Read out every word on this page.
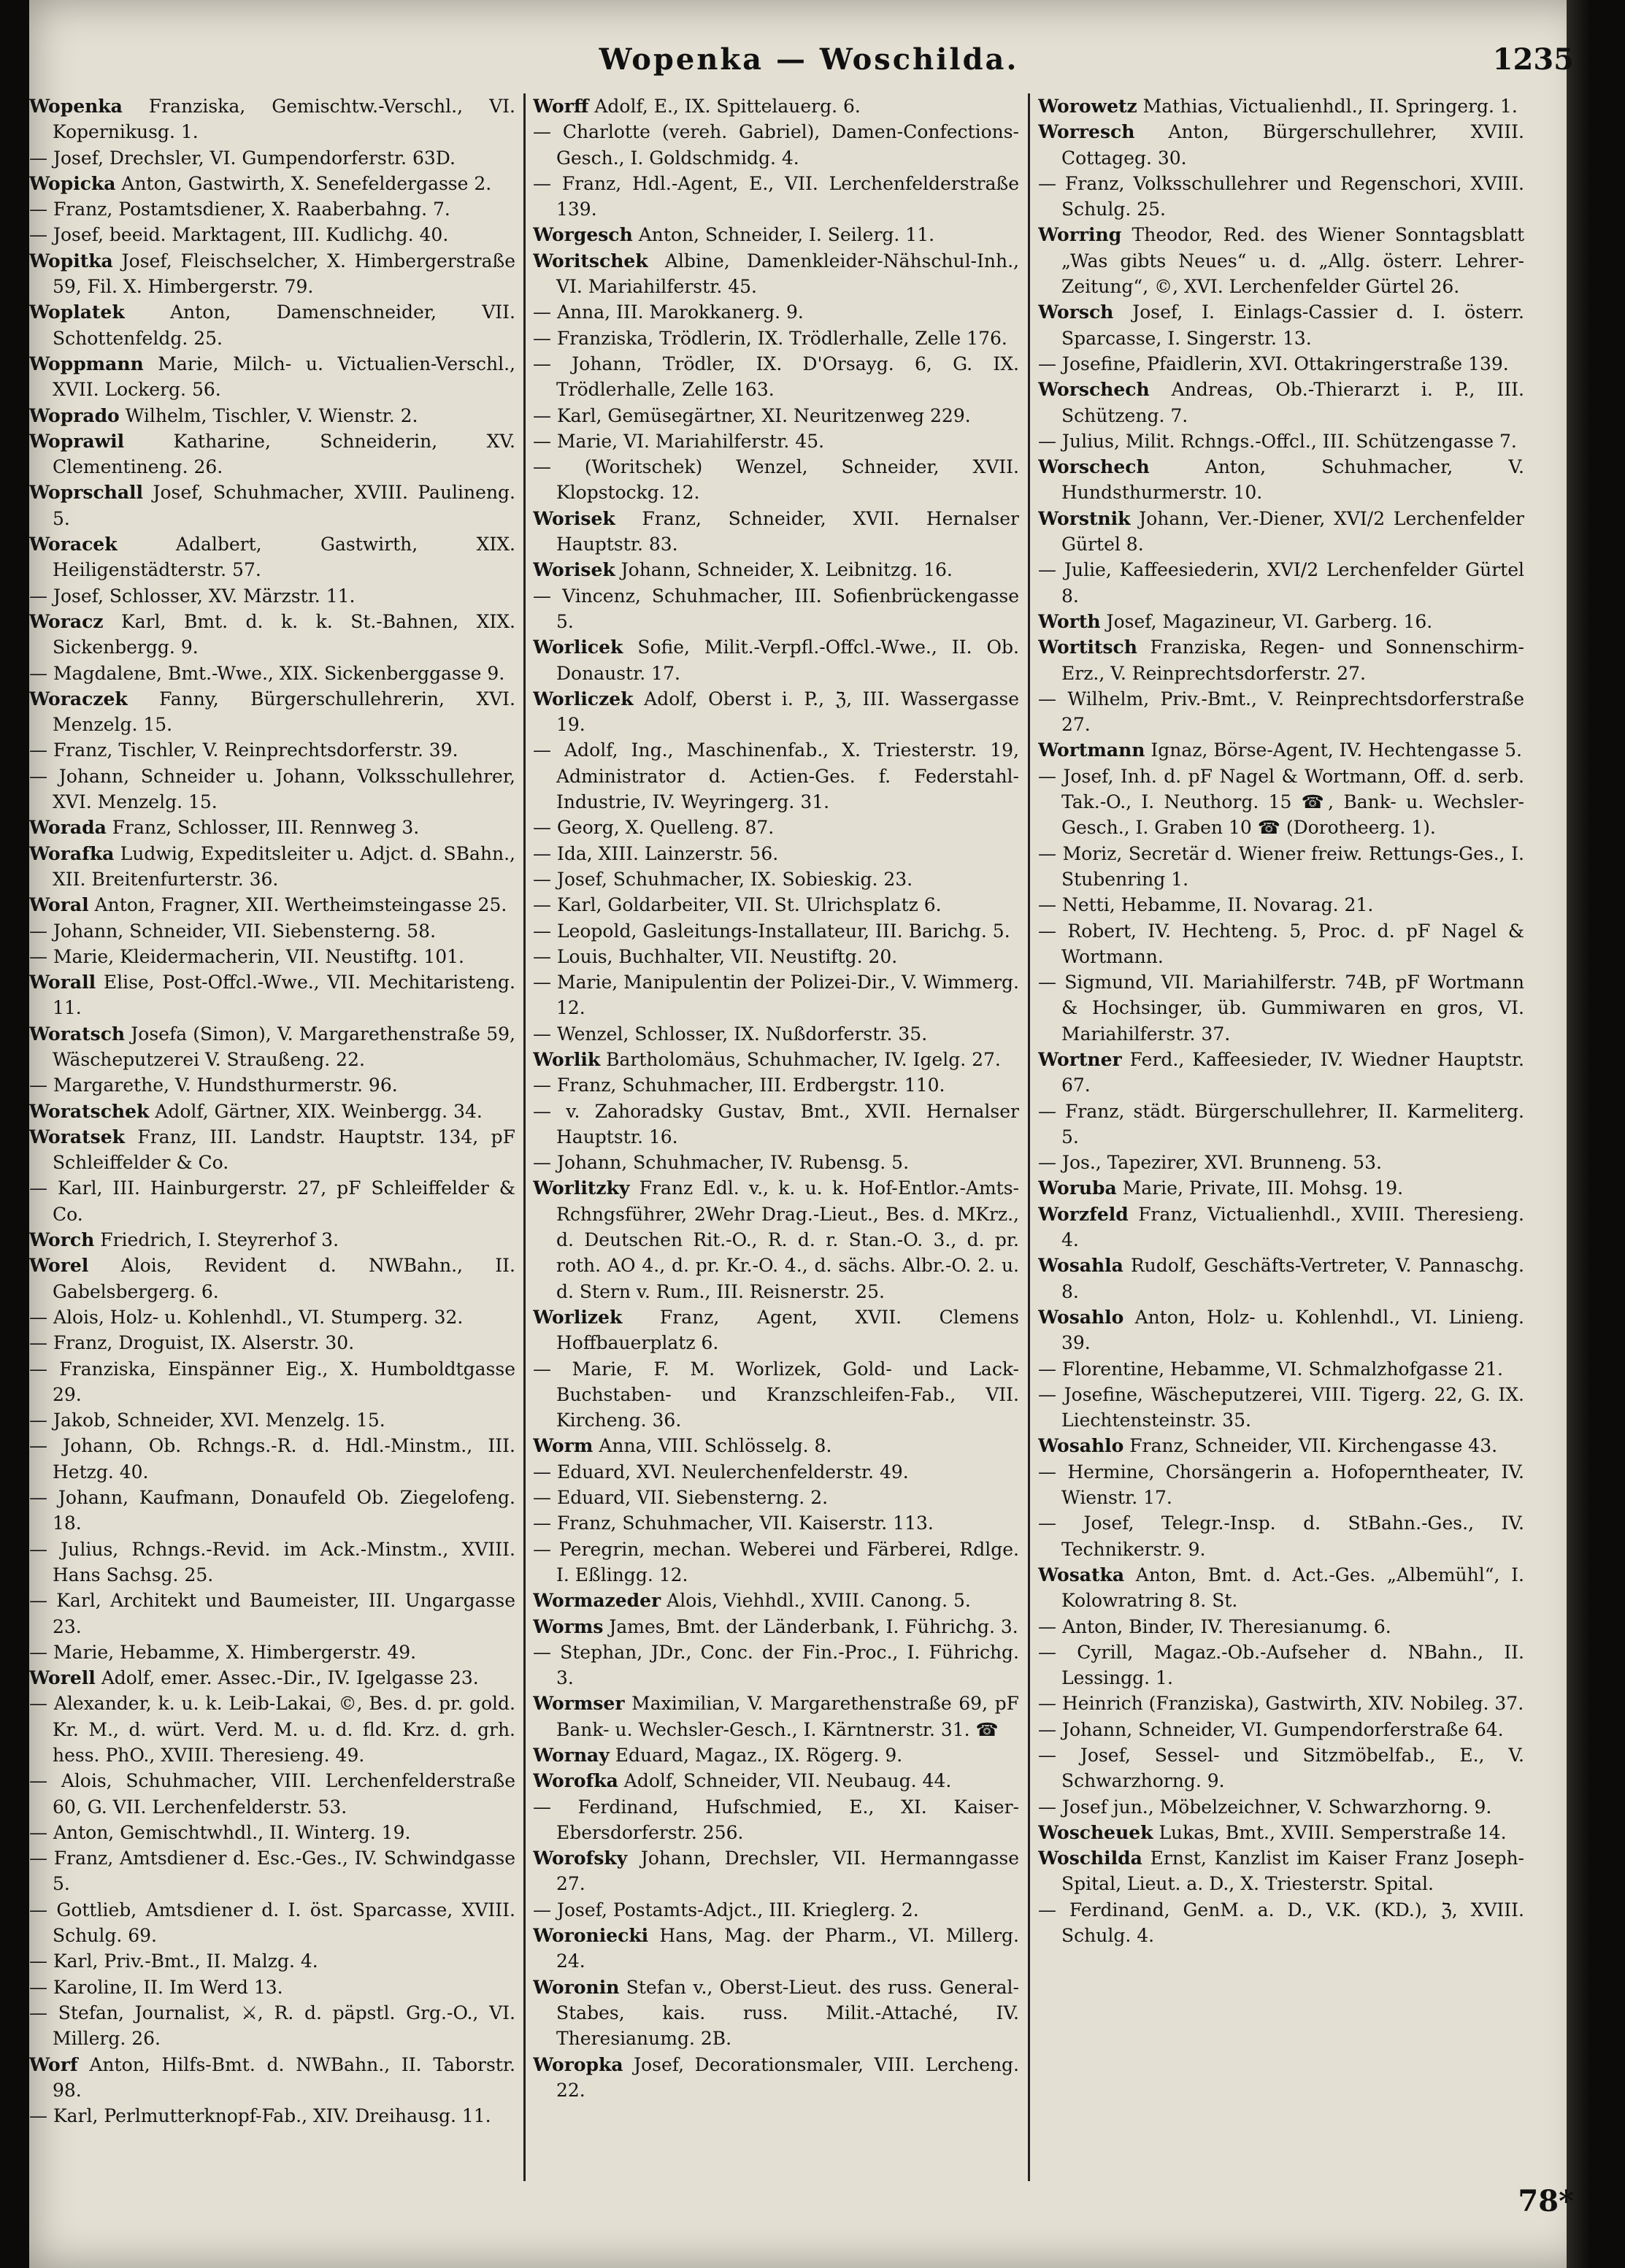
Wopenka — Woschilda.	1235

Wopenka Franziska, Gemischtw.-Verschl., VI. Kopernikusg. 1.

— Josef, Drechsler, VI. Gumpendorferstr. 63D.

Wopicka Anton, Gastwirth, X. Senefeldergasse 2.

— Franz, Postamtsdiener, X. Raaberbahng. 7.

— Josef, beeid. Marktagent, III. Kudlichg. 40.

Wopitka Josef, Fleischselcher, X. Himbergerstraße 59, Fil. X. Himbergerstr. 79.

Woplatek Anton, Damenschneider, VII. Schottenfeldg. 25.

Woppmann Marie, Milch- u. Victualien-Verschl., XVII. Lockerg. 56.

Woprado Wilhelm, Tischler, V. Wienstr. 2.

Woprawil Katharine, Schneiderin, XV. Clementineng. 26.

Woprschall Josef, Schuhmacher, XVIII. Paulineng. 5.

Woracek Adalbert, Gastwirth, XIX. Heiligenstädterstr. 57.

— Josef, Schlosser, XV. Märzstr. 11.

Woracz Karl, Bmt. d. k. k. St.-Bahnen, XIX. Sickenbergg. 9.

— Magdalene, Bmt.-Wwe., XIX. Sickenberggasse 9.

Woraczek Fanny, Bürgerschullehrerin, XVI. Menzelg. 15.

— Franz, Tischler, V. Reinprechtsdorferstr. 39.

— Johann, Schneider u. Johann, Volksschullehrer, XVI. Menzelg. 15.

Worada Franz, Schlosser, III. Rennweg 3.

Worafka Ludwig, Expeditsleiter u. Adjct. d. SBahn., XII. Breitenfurterstr. 36.

Woral Anton, Fragner, XII. Wertheimsteingasse 25.

— Johann, Schneider, VII. Siebensterng. 58.

— Marie, Kleidermacherin, VII. Neustiftg. 101.

Worall Elise, Post-Offcl.-Wwe., VII. Mechitaristeng. 11.

Woratsch Josefa (Simon), V. Margarethenstraße 59, Wäscheputzerei V. Straußeng. 22.

— Margarethe, V. Hundsthurmerstr. 96.

Woratschek Adolf, Gärtner, XIX. Weinbergg. 34.

Woratsek Franz, III. Landstr. Hauptstr. 134, pF Schleiffelder & Co.

— Karl, III. Hainburgerstr. 27, pF Schleiffelder & Co.

Worch Friedrich, I. Steyrerhof 3.

Worel Alois, Revident d. NWBahn., II. Gabelsbergerg. 6.

— Alois, Holz- u. Kohlenhdl., VI. Stumperg. 32.

— Franz, Droguist, IX. Alserstr. 30.

— Franziska, Einspänner Eig., X. Humboldtgasse 29.

— Jakob, Schneider, XVI. Menzelg. 15.

— Johann, Ob. Rchngs.-R. d. Hdl.-Minstm., III. Hetzg. 40.

— Johann, Kaufmann, Donaufeld Ob. Ziegelofeng. 18.

— Julius, Rchngs.-Revid. im Ack.-Minstm., XVIII. Hans Sachsg. 25.

— Karl, Architekt und Baumeister, III. Ungargasse 23.

— Marie, Hebamme, X. Himbergerstr. 49.

Worell Adolf, emer. Assec.-Dir., IV. Igelgasse 23.

— Alexander, k. u. k. Leib-Lakai, ©, Bes. d. pr. gold. Kr. M., d. würt. Verd. M. u. d. fld. Krz. d. grh. hess. PhO., XVIII. Theresieng. 49.

— Alois, Schuhmacher, VIII. Lerchenfelderstraße 60, G. VII. Lerchenfelderstr. 53.

— Anton, Gemischtwhdl., II. Winterg. 19.

— Franz, Amtsdiener d. Esc.-Ges., IV. Schwindgasse 5.

— Gottlieb, Amtsdiener d. I. öst. Sparcasse, XVIII. Schulg. 69.

— Karl, Priv.-Bmt., II. Malzg. 4.

— Karoline, II. Im Werd 13.

— Stefan, Journalist, ⚔, R. d. päpstl. Grg.-O., VI. Millerg. 26.

Worf Anton, Hilfs-Bmt. d. NWBahn., II. Taborstr. 98.

— Karl, Perlmutterknopf-Fab., XIV. Dreihausg. 11.

Worff Adolf, E., IX. Spittelauerg. 6.

— Charlotte (vereh. Gabriel), Damen-Confections-Gesch., I. Goldschmidg. 4.

— Franz, Hdl.-Agent, E., VII. Lerchenfelderstraße 139.

Worgesch Anton, Schneider, I. Seilerg. 11.

Woritschek Albine, Damenkleider-Nähschul-Inh., VI. Mariahilferstr. 45.

— Anna, III. Marokkanerg. 9.

— Franziska, Trödlerin, IX. Trödlerhalle, Zelle 176.

— Johann, Trödler, IX. D'Orsayg. 6, G. IX. Trödlerhalle, Zelle 163.

— Karl, Gemüsegärtner, XI. Neuritzenweg 229.

— Marie, VI. Mariahilferstr. 45.

— (Woritschek) Wenzel, Schneider, XVII. Klopstockg. 12.

Worisek Franz, Schneider, XVII. Hernalser Hauptstr. 83.

Worisek Johann, Schneider, X. Leibnitzg. 16.

— Vincenz, Schuhmacher, III. Sofienbrückengasse 5.

Worlicek Sofie, Milit.-Verpfl.-Offcl.-Wwe., II. Ob. Donaustr. 17.

Worliczek Adolf, Oberst i. P., ℨ, III. Wassergasse 19.

— Adolf, Ing., Maschinenfab., X. Triesterstr. 19, Administrator d. Actien-Ges. f. Federstahl-Industrie, IV. Weyringerg. 31.

— Georg, X. Quelleng. 87.

— Ida, XIII. Lainzerstr. 56.

— Josef, Schuhmacher, IX. Sobieskig. 23.

— Karl, Goldarbeiter, VII. St. Ulrichsplatz 6.

— Leopold, Gasleitungs-Installateur, III. Barichg. 5.

— Louis, Buchhalter, VII. Neustiftg. 20.

— Marie, Manipulentin der Polizei-Dir., V. Wimmerg. 12.

— Wenzel, Schlosser, IX. Nußdorferstr. 35.

Worlik Bartholomäus, Schuhmacher, IV. Igelg. 27.

— Franz, Schuhmacher, III. Erdbergstr. 110.

— v. Zahoradsky Gustav, Bmt., XVII. Hernalser Hauptstr. 16.

— Johann, Schuhmacher, IV. Rubensg. 5.

Worlitzky Franz Edl. v., k. u. k. Hof-Entlor.-Amts-Rchngsführer, 2Wehr Drag.-Lieut., Bes. d. MKrz., d. Deutschen Rit.-O., R. d. r. Stan.-O. 3., d. pr. roth. AO 4., d. pr. Kr.-O. 4., d. sächs. Albr.-O. 2. u. d. Stern v. Rum., III. Reisnerstr. 25.

Worlizek Franz, Agent, XVII. Clemens Hoffbauerplatz 6.

— Marie, F. M. Worlizek, Gold- und Lack-Buchstaben- und Kranzschleifen-Fab., VII. Kircheng. 36.

Worm Anna, VIII. Schlösselg. 8.

— Eduard, XVI. Neulerchenfelderstr. 49.

— Eduard, VII. Siebensterng. 2.

— Franz, Schuhmacher, VII. Kaiserstr. 113.

— Peregrin, mechan. Weberei und Färberei, Rdlge. I. Eßlingg. 12.

Wormazeder Alois, Viehhdl., XVIII. Canong. 5.

Worms James, Bmt. der Länderbank, I. Führichg. 3.

— Stephan, JDr., Conc. der Fin.-Proc., I. Führichg. 3.

Wormser Maximilian, V. Margarethenstraße 69, pF Bank- u. Wechsler-Gesch., I. Kärntnerstr. 31. ☎

Wornay Eduard, Magaz., IX. Rögerg. 9.

Worofka Adolf, Schneider, VII. Neubaug. 44.

— Ferdinand, Hufschmied, E., XI. Kaiser-Ebersdorferstr. 256.

Worofsky Johann, Drechsler, VII. Hermanngasse 27.

— Josef, Postamts-Adjct., III. Krieglerg. 2.

Woroniecki Hans, Mag. der Pharm., VI. Millerg. 24.

Woronin Stefan v., Oberst-Lieut. des russ. General-Stabes, kais. russ. Milit.-Attaché, IV. Theresianumg. 2B.

Woropka Josef, Decorationsmaler, VIII. Lercheng. 22.

Worowetz Mathias, Victualienhdl., II. Springerg. 1.

Worresch Anton, Bürgerschullehrer, XVIII. Cottageg. 30.

— Franz, Volksschullehrer und Regenschori, XVIII. Schulg. 25.

Worring Theodor, Red. des Wiener Sonntagsblatt „Was gibts Neues“ u. d. „Allg. österr. Lehrer-Zeitung“, ©, XVI. Lerchenfelder Gürtel 26.

Worsch Josef, I. Einlags-Cassier d. I. österr. Sparcasse, I. Singerstr. 13.

— Josefine, Pfaidlerin, XVI. Ottakringerstraße 139.

Worschech Andreas, Ob.-Thierarzt i. P., III. Schützeng. 7.

— Julius, Milit. Rchngs.-Offcl., III. Schützengasse 7.

Worschech Anton, Schuhmacher, V. Hundsthurmerstr. 10.

Worstnik Johann, Ver.-Diener, XVI/2 Lerchenfelder Gürtel 8.

— Julie, Kaffeesiederin, XVI/2 Lerchenfelder Gürtel 8.

Worth Josef, Magazineur, VI. Garberg. 16.

Wortitsch Franziska, Regen- und Sonnenschirm-Erz., V. Reinprechtsdorferstr. 27.

— Wilhelm, Priv.-Bmt., V. Reinprechtsdorferstraße 27.

Wortmann Ignaz, Börse-Agent, IV. Hechtengasse 5.

— Josef, Inh. d. pF Nagel & Wortmann, Off. d. serb. Tak.-O., I. Neuthorg. 15 ☎, Bank- u. Wechsler-Gesch., I. Graben 10 ☎ (Dorotheerg. 1).

— Moriz, Secretär d. Wiener freiw. Rettungs-Ges., I. Stubenring 1.

— Netti, Hebamme, II. Novarag. 21.

— Robert, IV. Hechteng. 5, Proc. d. pF Nagel & Wortmann.

— Sigmund, VII. Mariahilferstr. 74B, pF Wortmann & Hochsinger, üb. Gummiwaren en gros, VI. Mariahilferstr. 37.

Wortner Ferd., Kaffeesieder, IV. Wiedner Hauptstr. 67.

— Franz, städt. Bürgerschullehrer, II. Karmeliterg. 5.

— Jos., Tapezirer, XVI. Brunneng. 53.

Woruba Marie, Private, III. Mohsg. 19.

Worzfeld Franz, Victualienhdl., XVIII. Theresieng. 4.

Wosahla Rudolf, Geschäfts-Vertreter, V. Pannaschg. 8.

Wosahlo Anton, Holz- u. Kohlenhdl., VI. Linieng. 39.

— Florentine, Hebamme, VI. Schmalzhofgasse 21.

— Josefine, Wäscheputzerei, VIII. Tigerg. 22, G. IX. Liechtensteinstr. 35.

Wosahlo Franz, Schneider, VII. Kirchengasse 43.

— Hermine, Chorsängerin a. Hofoperntheater, IV. Wienstr. 17.

— Josef, Telegr.-Insp. d. StBahn.-Ges., IV. Technikerstr. 9.

Wosatka Anton, Bmt. d. Act.-Ges. „Albemühl“, I. Kolowratring 8. St.

— Anton, Binder, IV. Theresianumg. 6.

— Cyrill, Magaz.-Ob.-Aufseher d. NBahn., II. Lessingg. 1.

— Heinrich (Franziska), Gastwirth, XIV. Nobileg. 37.

— Johann, Schneider, VI. Gumpendorferstraße 64.

— Josef, Sessel- und Sitzmöbelfab., E., V. Schwarzhorng. 9.

— Josef jun., Möbelzeichner, V. Schwarzhorng. 9.

Woscheuek Lukas, Bmt., XVIII. Semperstraße 14.

Woschilda Ernst, Kanzlist im Kaiser Franz Joseph-Spital, Lieut. a. D., X. Triesterstr. Spital.

— Ferdinand, GenM. a. D., V.K. (KD.), ℨ, XVIII. Schulg. 4.

78*
